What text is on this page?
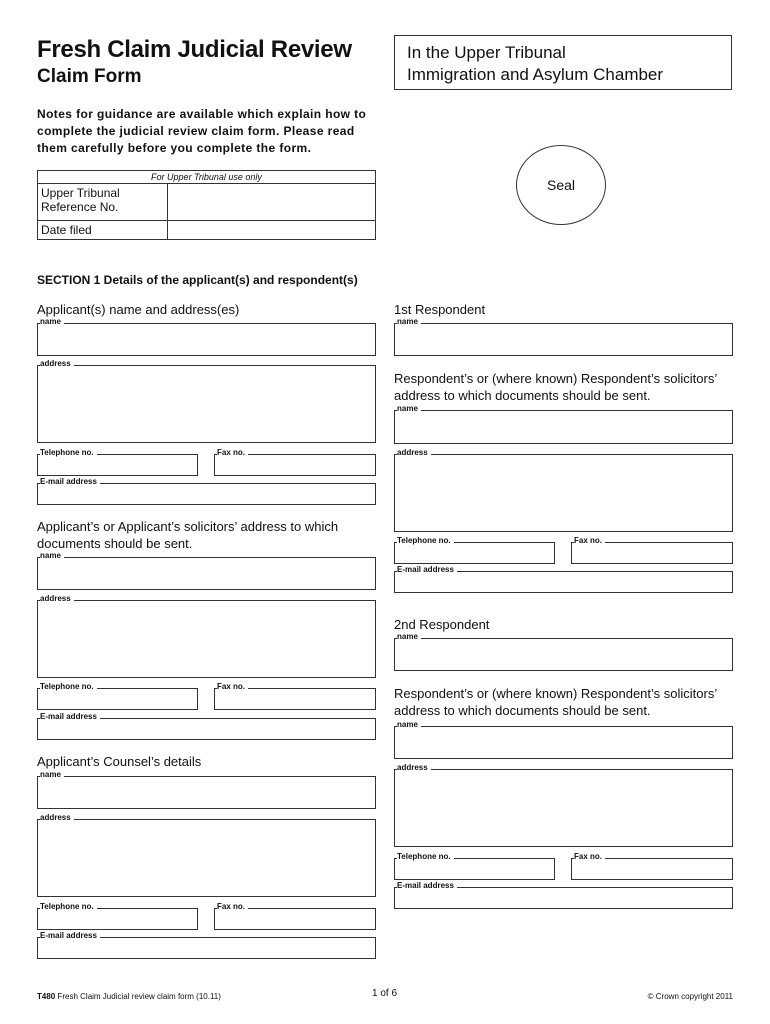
Fresh Claim Judicial Review
Claim Form
In the Upper Tribunal
Immigration and Asylum Chamber
Notes for guidance are available which explain how to complete the judicial review claim form. Please read them carefully before you complete the form.
Seal
For Upper Tribunal use only	
Upper Tribunal Reference No.	
Date filed	
SECTION 1 Details of the applicant(s) and respondent(s)
Applicant(s) name and address(es)
name
address
Telephone no.	Fax no.
E-mail address
Applicant’s or Applicant’s solicitors’ address to which documents should be sent.
name
address
Telephone no.	Fax no.
E-mail address
Applicant’s Counsel’s details
name
address
Telephone no.	Fax no.
E-mail address
1st Respondent
name
Respondent’s or (where known) Respondent’s solicitors’ address to which documents should be sent.
name
address
Telephone no.	Fax no.
E-mail address
2nd Respondent
name
Respondent’s or (where known) Respondent’s solicitors’ address to which documents should be sent.
name
address
Telephone no.	Fax no.
E-mail address
T480 Fresh Claim Judicial review claim form (10.11)	1 of 6	© Crown copyright 2011
